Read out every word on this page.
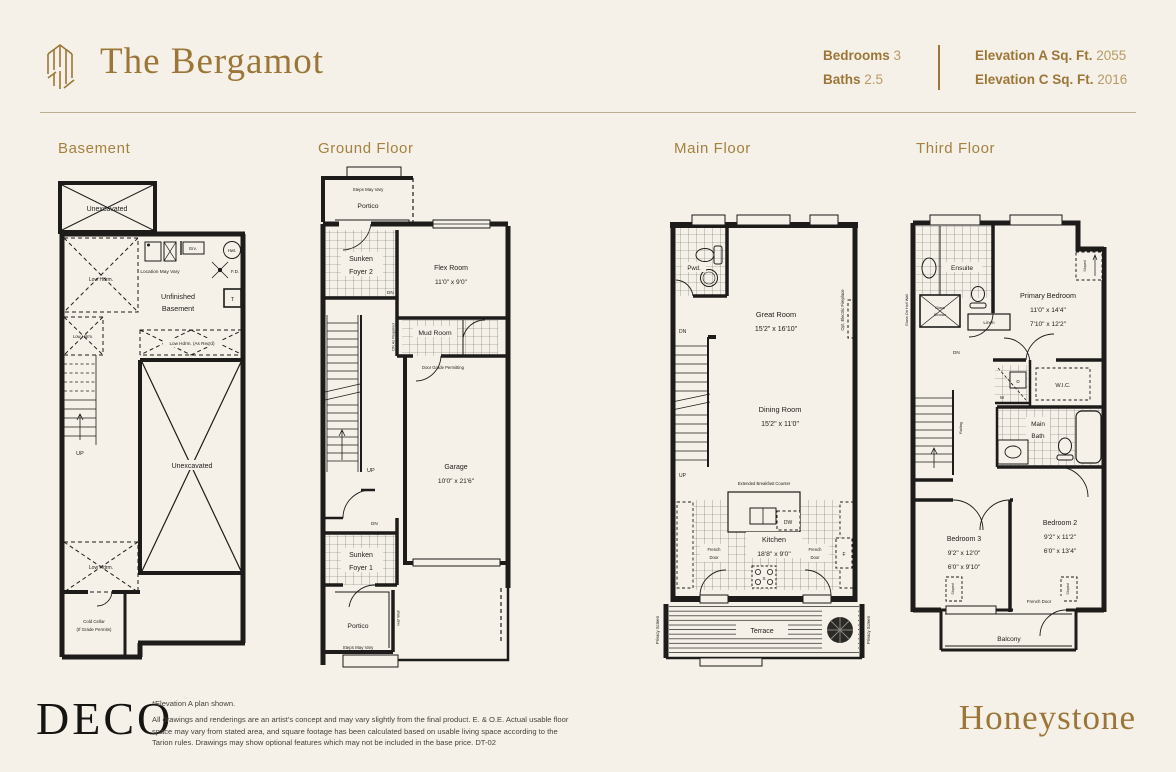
The Bergamot	Bedrooms 3
Baths 2.5
Elevation A Sq. Ft. 2055
Elevation C Sq. Ft. 2016
Basement	Ground Floor	Main Floor	Third Floor
Unexcavated
Low Hdrm.
Low Hdrm.
Low Hdrm. (As Req'd)
Location May Vary
Erv.	Hwt.
F.D.
T
Unfinished
Basement
UP
Unexcavated
Low Hdrm.
Cold Cellar
(If Grade Permits)
Steps May Vary
Portico
Sunken
Foyer 2
DN
Flex Room
11'0" x 9'0"
Mud Room
DN As Required
Door Grade Permitting
UP	Garage
10'0" x 21'6"
DN
Sunken
Foyer 1
Half Wall
Portico
Steps May Vary
Pwd.
Great Room
15'2" x 16'10"	Opt. Electric Fireplace
DN
UP
Dining Room
15'2" x 11'0"
Extended Breakfast Counter
DW
Kitchen
18'8" x 9'0"
S
F
French
Door
French
Door
Terrace
Privacy Screen	Privacy Screen
Glass On Half Wall
Ensuite
Glass
Shower
Linen
DN
Primary Bedroom
11'0" x 14'4"
7'10" x 12'2"
Sloped
Railing
D
W
W.I.C.
Main
Bath
Bedroom 3
9'2" x 12'0"
6'0" x 9'10"
Bedroom 2
9'2" x 11'2"
6'0" x 13'4"
Sloped	Sloped
French Door
Balcony
DECO
*Elevation A plan shown.
All drawings and renderings are an artist's concept and may vary slightly from the final product. E. & O.E. Actual usable floor space may vary from stated area, and square footage has been calculated based on usable living space according to the Tarion rules. Drawings may show optional features which may not be included in the base price. DT-02
Honeystone
